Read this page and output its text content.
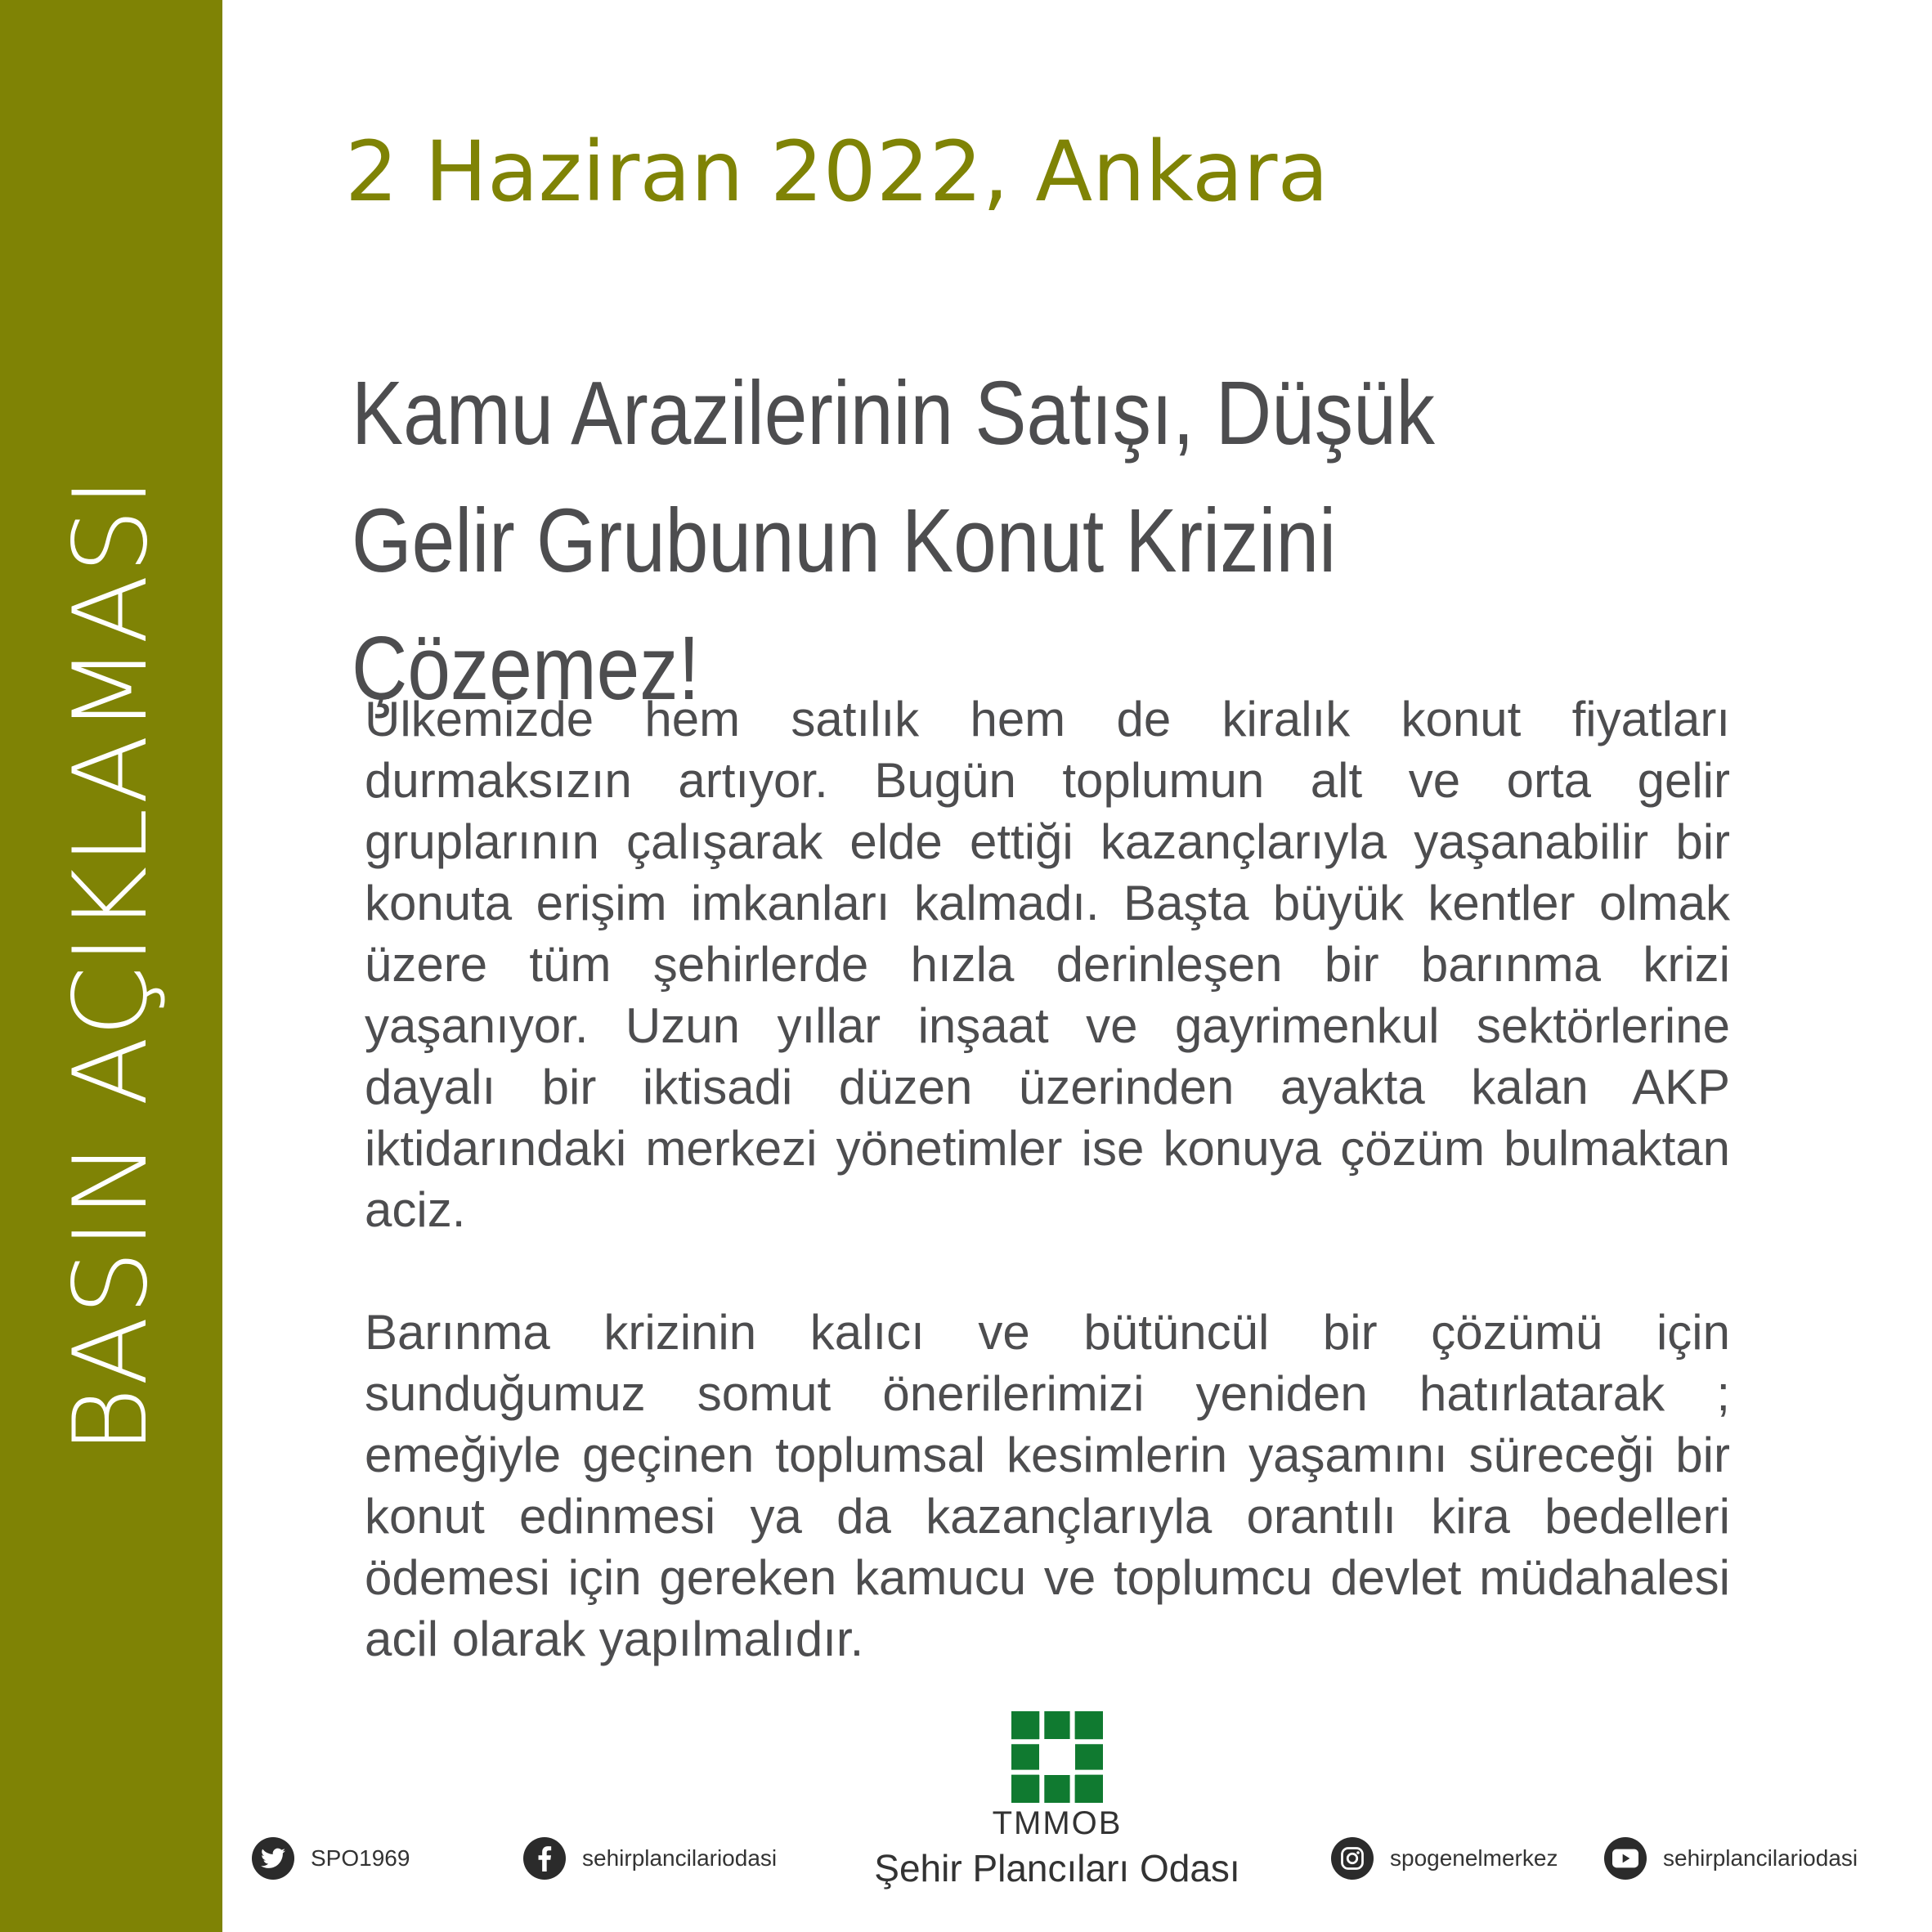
BASIN AÇIKLAMASI
2 Haziran 2022, Ankara
Kamu Arazilerinin Satışı, Düşük Gelir Grubunun Konut Krizini Çözemez!

Ülkemizde hem satılık hem de kiralık konut fiyatları durmaksızın artıyor. Bugün toplumun alt ve orta gelir gruplarının çalışarak elde ettiği kazançlarıyla yaşanabilir bir konuta erişim imkanları kalmadı. Başta büyük kentler olmak üzere tüm şehirlerde hızla derinleşen bir barınma krizi yaşanıyor. Uzun yıllar inşaat ve gayrimenkul sektörlerine dayalı bir iktisadi düzen üzerinden ayakta kalan AKP iktidarındaki merkezi yönetimler ise konuya çözüm bulmaktan aciz.

Barınma krizinin kalıcı ve bütüncül bir çözümü için sunduğumuz somut önerilerimizi yeniden hatırlatarak ; emeğiyle geçinen toplumsal kesimlerin yaşamını süreceği bir konut edinmesi ya da kazançlarıyla orantılı kira bedelleri ödemesi için gereken kamucu ve toplumcu devlet müdahalesi acil olarak yapılmalıdır.

TMMOB
Şehir Plancıları Odası
SPO1969	sehirplancilariodasi	spogenelmerkez	sehirplancilariodasi
